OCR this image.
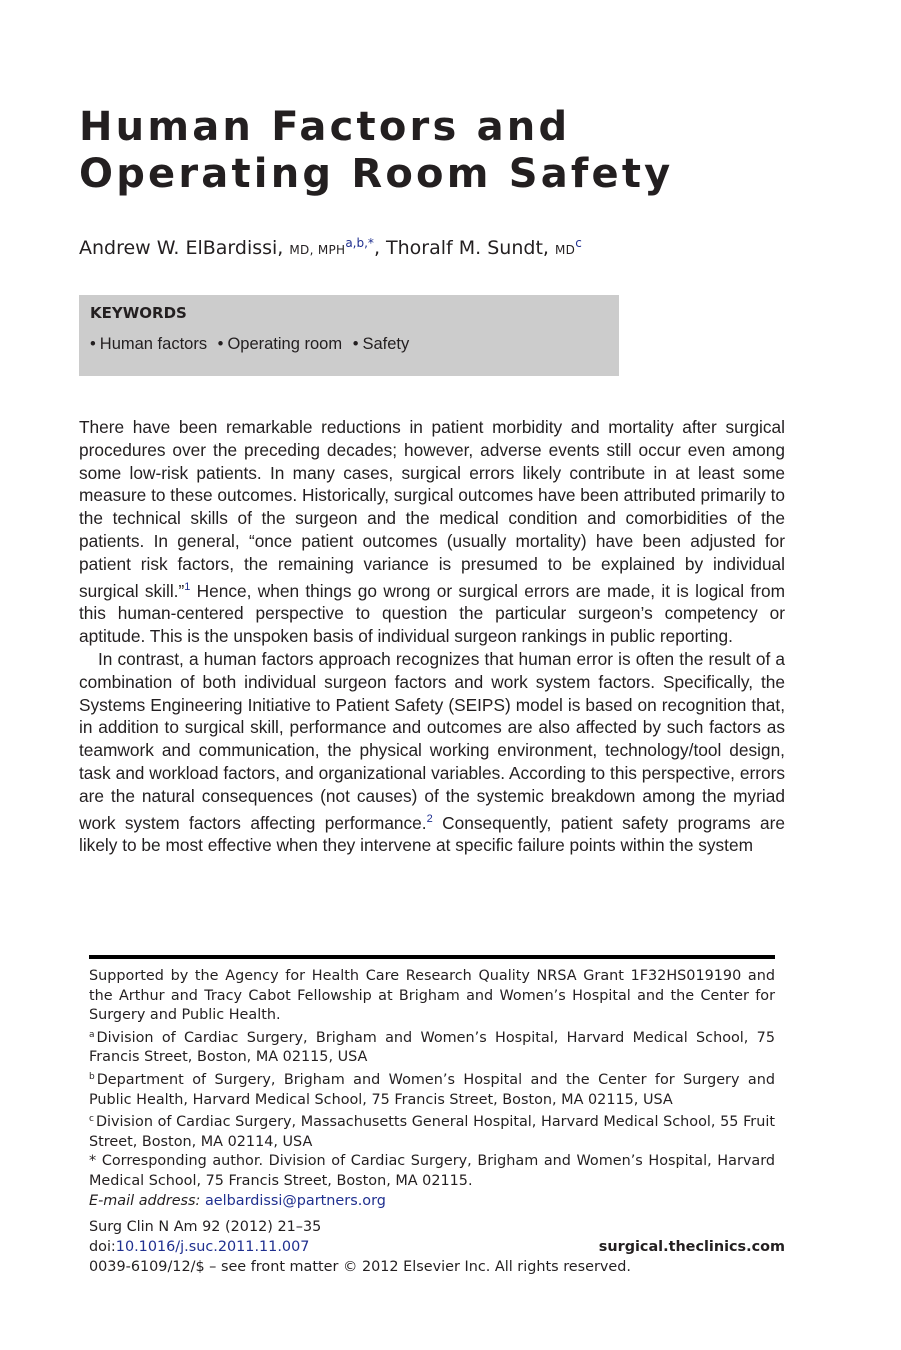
Human Factors and
Operating Room Safety
Andrew W. ElBardissi, MD, $MPH^{a,b,*}$, Thoralf M. Sundt, $MD^c$
KEYWORDS
• Human factors • Operating room • Safety

There have been remarkable reductions in patient morbidity and mortality after surgical procedures over the preceding decades; however, adverse events still occur even among some low-risk patients. In many cases, surgical errors likely contribute in at least some measure to these outcomes. Historically, surgical outcomes have been attributed primarily to the technical skills of the surgeon and the medical condition and comorbidities of the patients. In general, “once patient outcomes (usually mortality) have been adjusted for patient risk factors, the remaining variance is presumed to be explained by individual surgical skill.”$^1$ Hence, when things go wrong or surgical errors are made, it is logical from this human-centered perspective to question the particular surgeon’s competency or aptitude. This is the unspoken basis of individual surgeon rankings in public reporting.

In contrast, a human factors approach recognizes that human error is often the result of a combination of both individual surgeon factors and work system factors. Specifically, the Systems Engineering Initiative to Patient Safety (SEIPS) model is based on recognition that, in addition to surgical skill, performance and outcomes are also affected by such factors as teamwork and communication, the physical working environment, technology/tool design, task and workload factors, and organizational variables. According to this perspective, errors are the natural consequences (not causes) of the systemic breakdown among the myriad work system factors affecting performance.$^2$ Consequently, patient safety programs are likely to be most effective when they intervene at specific failure points within the system

Supported by the Agency for Health Care Research Quality NRSA Grant 1F32HS019190 and the Arthur and Tracy Cabot Fellowship at Brigham and Women’s Hospital and the Center for Surgery and Public Health.

$^a$ Division of Cardiac Surgery, Brigham and Women’s Hospital, Harvard Medical School, 75 Francis Street, Boston, MA 02115, USA

$^b$ Department of Surgery, Brigham and Women’s Hospital and the Center for Surgery and Public Health, Harvard Medical School, 75 Francis Street, Boston, MA 02115, USA

$^c$ Division of Cardiac Surgery, Massachusetts General Hospital, Harvard Medical School, 55 Fruit Street, Boston, MA 02114, USA

* Corresponding author. Division of Cardiac Surgery, Brigham and Women’s Hospital, Harvard Medical School, 75 Francis Street, Boston, MA 02115.

E-mail address: aelbardissi@partners.org

Surg Clin N Am 92 (2012) 21–35
doi:10.1016/j.suc.2011.11.007	surgical.theclinics.com
0039-6109/12/$ – see front matter © 2012 Elsevier Inc. All rights reserved.
